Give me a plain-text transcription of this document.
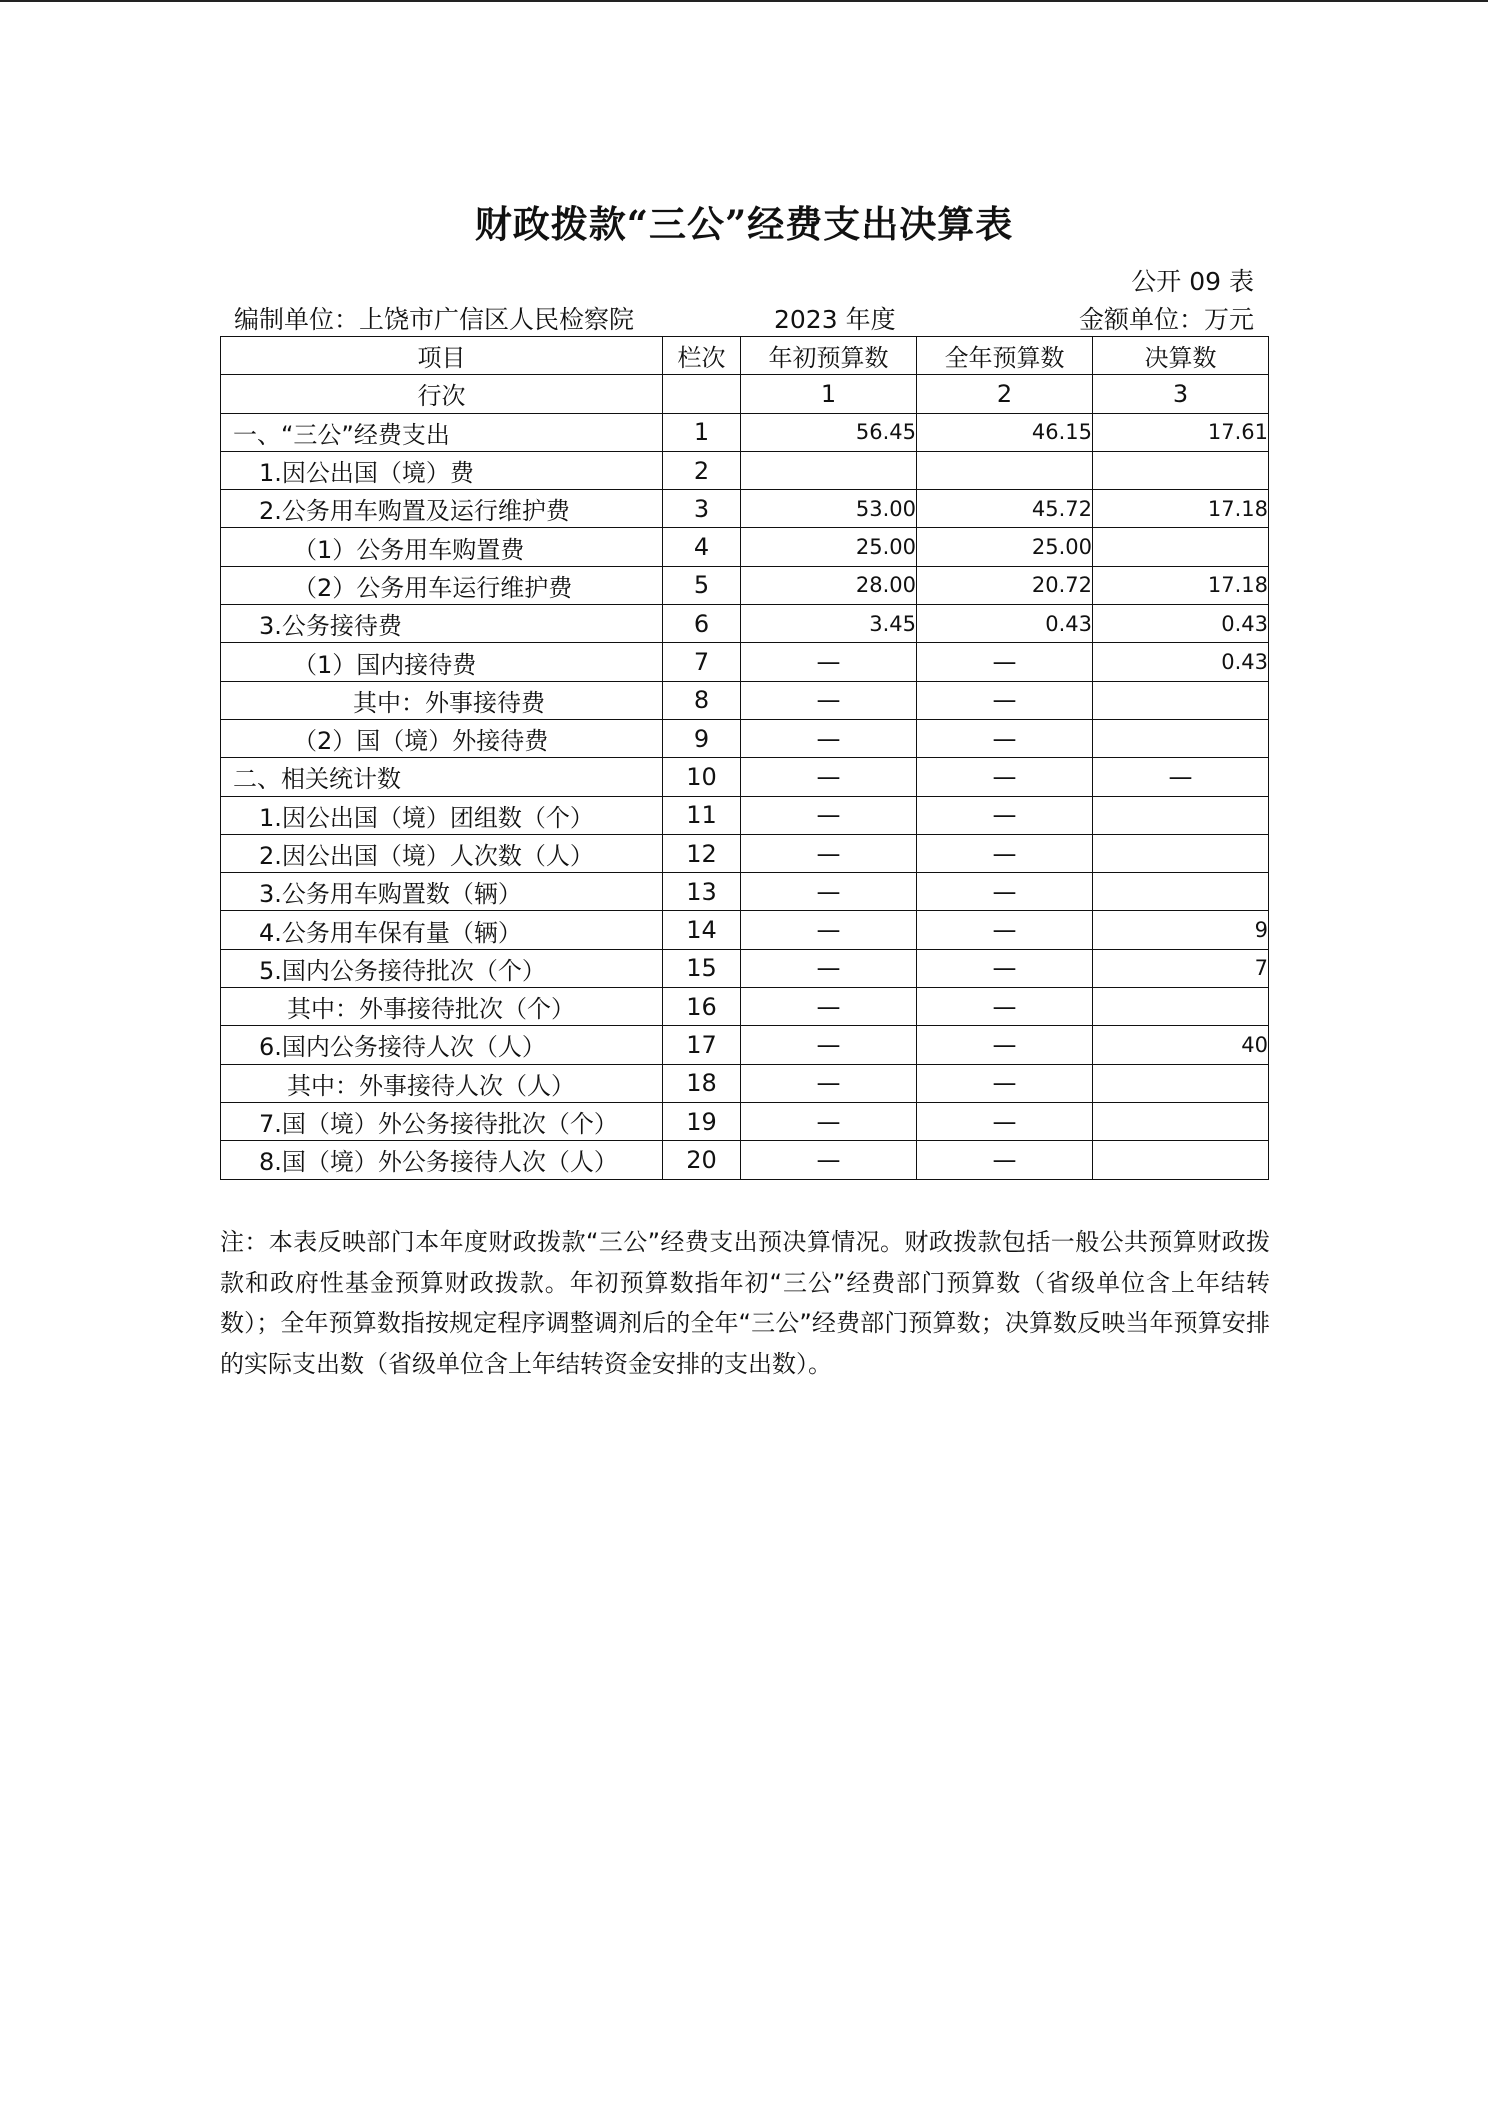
财政拨款“三公”经费支出决算表
公开 09 表
编制单位：上饶市广信区人民检察院	2023 年度	金额单位：万元
项目	栏次	年初预算数	全年预算数	决算数
行次		1	2	3
一、“三公”经费支出	1	56.45	46.15	17.61
1.因公出国（境）费	2			
2.公务用车购置及运行维护费	3	53.00	45.72	17.18
（1）公务用车购置费	4	25.00	25.00	
（2）公务用车运行维护费	5	28.00	20.72	17.18
3.公务接待费	6	3.45	0.43	0.43
（1）国内接待费	7	—	—	0.43
其中：外事接待费	8	—	—	
（2）国（境）外接待费	9	—	—	
二、相关统计数	10	—	—	—
1.因公出国（境）团组数（个）	11	—	—	
2.因公出国（境）人次数（人）	12	—	—	
3.公务用车购置数（辆）	13	—	—	
4.公务用车保有量（辆）	14	—	—	9
5.国内公务接待批次（个）	15	—	—	7
其中：外事接待批次（个）	16	—	—	
6.国内公务接待人次（人）	17	—	—	40
其中：外事接待人次（人）	18	—	—	
7.国（境）外公务接待批次（个）	19	—	—	
8.国（境）外公务接待人次（人）	20	—	—	
注：本表反映部门本年度财政拨款“三公”经费支出预决算情况。财政拨款包括一般公共预算财政拨款和政府性基金预算财政拨款。年初预算数指年初“三公”经费部门预算数（省级单位含上年结转数）；全年预算数指按规定程序调整调剂后的全年“三公”经费部门预算数；决算数反映当年预算安排的实际支出数（省级单位含上年结转资金安排的支出数）。
